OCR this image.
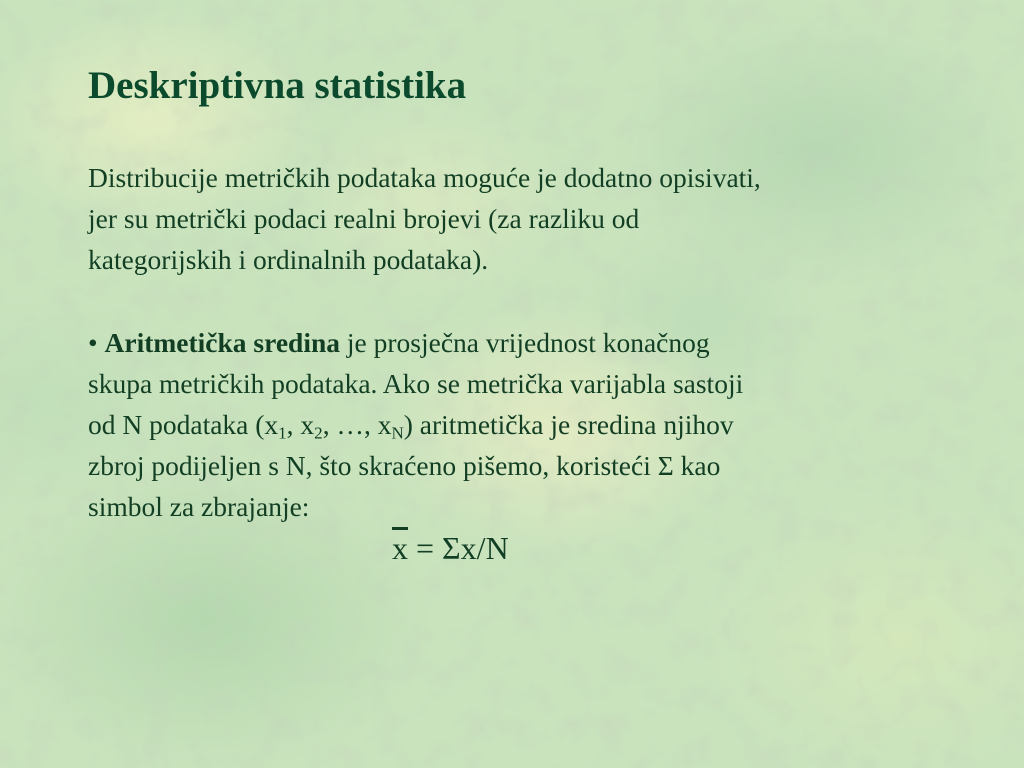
Deskriptivna statistika
Distribucije metričkih podataka moguće je dodatno opisivati,
jer su metrički podaci realni brojevi (za razliku od
kategorijskih i ordinalnih podataka).
• Aritmetička sredina je prosječna vrijednost konačnog
skupa metričkih podataka. Ako se metrička varijabla sastoji
od N podataka ($x_1$, $x_2$, …, $x_N$) aritmetička je sredina njihov
zbroj podijeljen s N, što skraćeno pišemo, koristeći Σ kao
simbol za zbrajanje:
$\overline{x} = \Sigma x/N$
